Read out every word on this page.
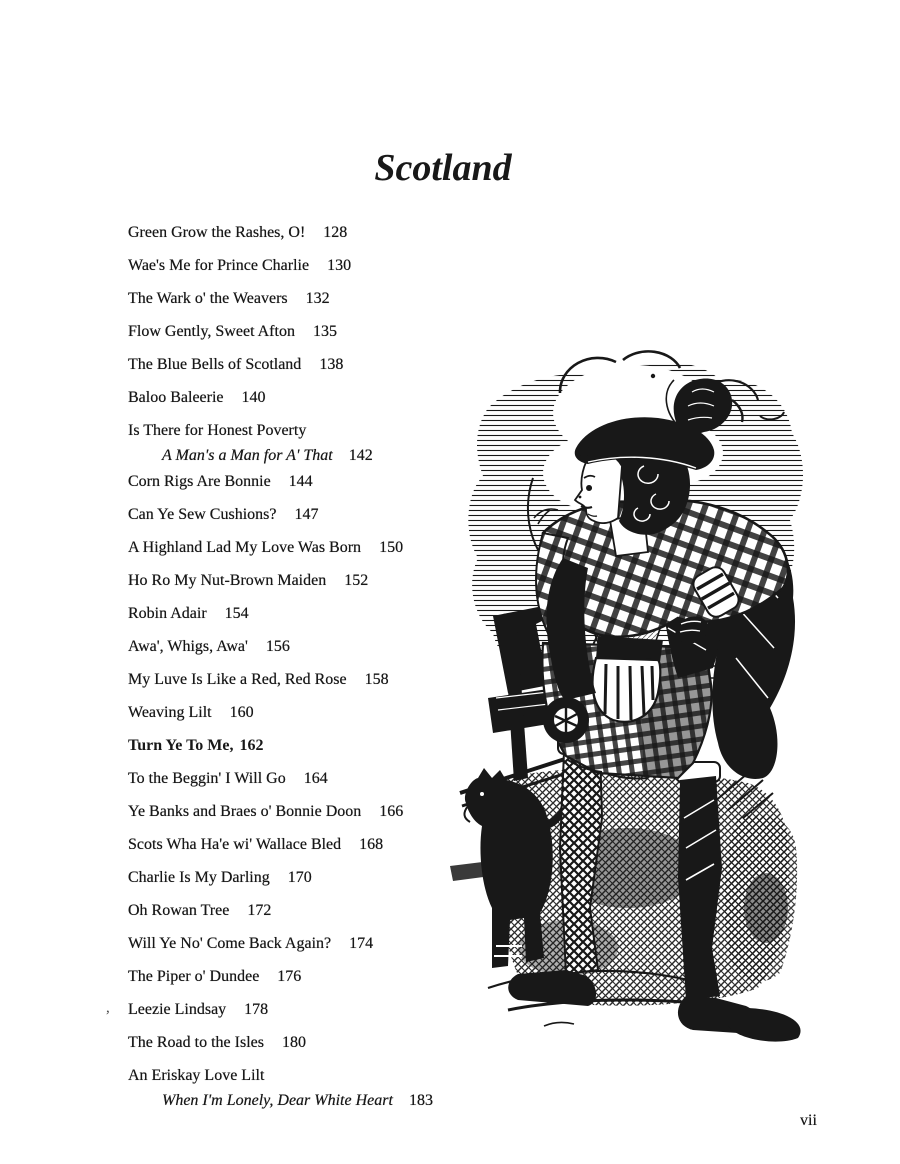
Scotland
Green Grow the Rashes, O! 128
Wae's Me for Prince Charlie 130
The Wark o' the Weavers 132
Flow Gently, Sweet Afton 135
The Blue Bells of Scotland 138
Baloo Baleerie 140
Is There for Honest Poverty
A Man's a Man for A' That 142
Corn Rigs Are Bonnie 144
Can Ye Sew Cushions? 147
A Highland Lad My Love Was Born 150
Ho Ro My Nut-Brown Maiden 152
Robin Adair 154
Awa', Whigs, Awa' 156
My Luve Is Like a Red, Red Rose 158
Weaving Lilt 160
Turn Ye To Me, 162
To the Beggin' I Will Go 164
Ye Banks and Braes o' Bonnie Doon 166
Scots Wha Ha'e wi' Wallace Bled 168
Charlie Is My Darling 170
Oh Rowan Tree 172
Will Ye No' Come Back Again? 174
The Piper o' Dundee 176
Leezie Lindsay 178
The Road to the Isles 180
An Eriskay Love Lilt
When I'm Lonely, Dear White Heart 183
,
vii
